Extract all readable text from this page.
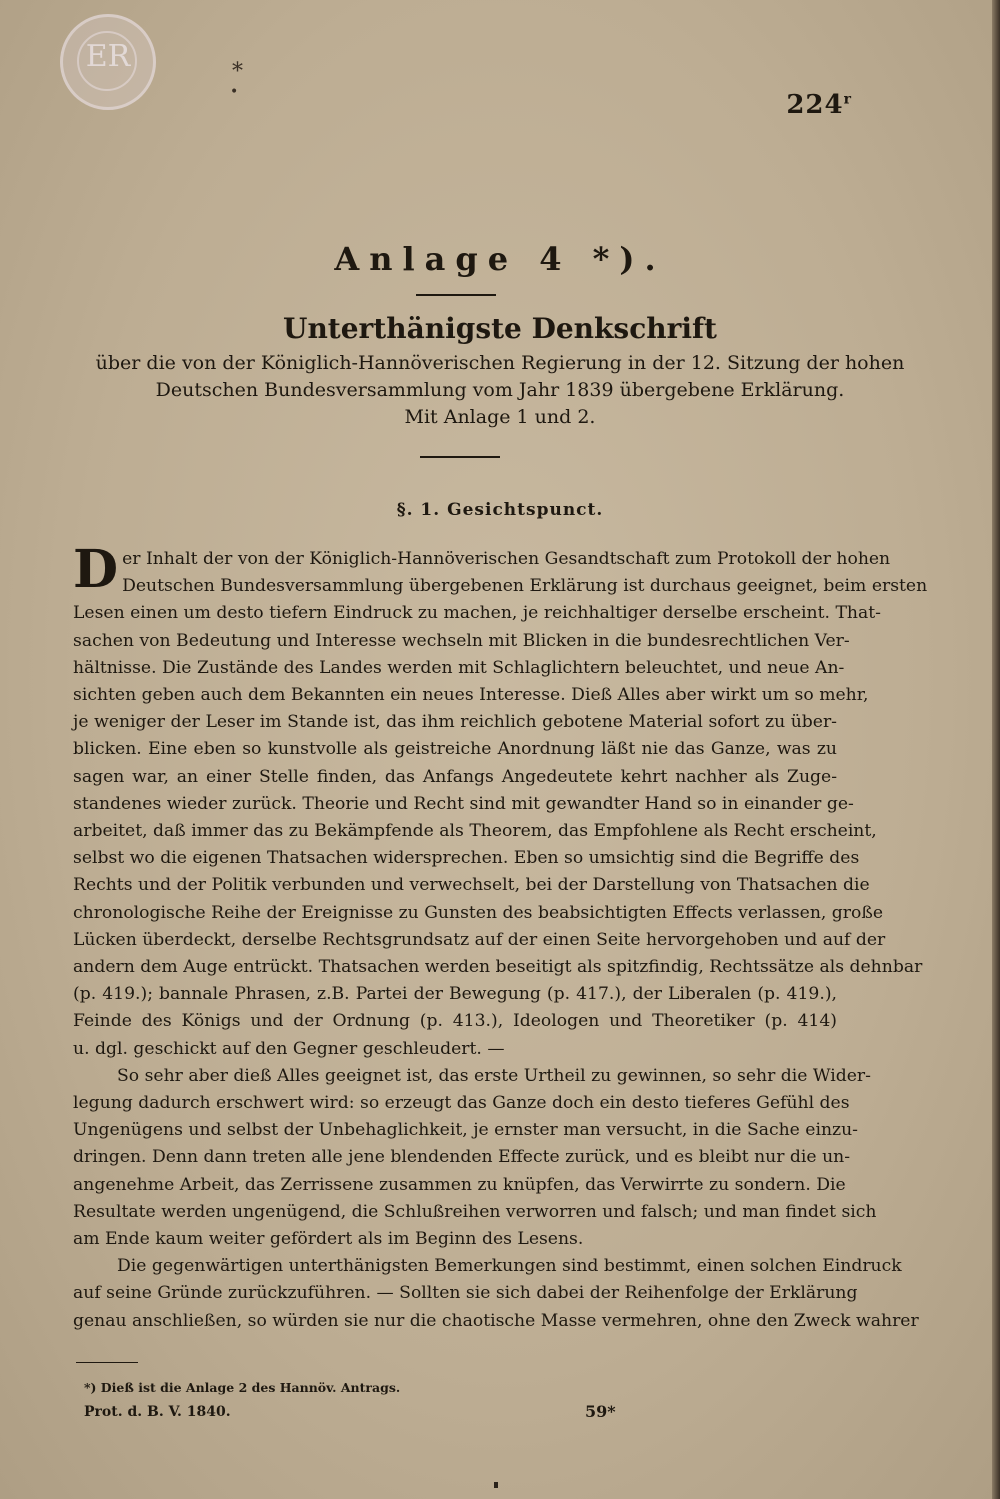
ER	⁎
•	224$^r$
Anlage 4 *).
Unterthänigste Denkschrift
über die von der Königlich-Hannöverischen Regierung in der 12. Sitzung der hohen
Deutschen Bundesversammlung vom Jahr 1839 übergebene Erklärung.
Mit Anlage 1 und 2.
§. 1. Gesichtspunct.
D er Inhalt der von der Königlich-Hannöverischen Gesandtschaft zum Protokoll der hohen
Deutschen Bundesversammlung übergebenen Erklärung ist durchaus geeignet, beim ersten
Lesen einen um desto tiefern Eindruck zu machen, je reichhaltiger derselbe erscheint. That-
sachen von Bedeutung und Interesse wechseln mit Blicken in die bundesrechtlichen Ver-
hältnisse. Die Zustände des Landes werden mit Schlaglichtern beleuchtet, und neue An-
sichten geben auch dem Bekannten ein neues Interesse. Dieß Alles aber wirkt um so mehr,
je weniger der Leser im Stande ist, das ihm reichlich gebotene Material sofort zu über-
blicken. Eine eben so kunstvolle als geistreiche Anordnung läßt nie das Ganze, was zu
sagen war, an einer Stelle finden, das Anfangs Angedeutete kehrt nachher als Zuge-
standenes wieder zurück. Theorie und Recht sind mit gewandter Hand so in einander ge-
arbeitet, daß immer das zu Bekämpfende als Theorem, das Empfohlene als Recht erscheint,
selbst wo die eigenen Thatsachen widersprechen. Eben so umsichtig sind die Begriffe des
Rechts und der Politik verbunden und verwechselt, bei der Darstellung von Thatsachen die
chronologische Reihe der Ereignisse zu Gunsten des beabsichtigten Effects verlassen, große
Lücken überdeckt, derselbe Rechtsgrundsatz auf der einen Seite hervorgehoben und auf der
andern dem Auge entrückt. Thatsachen werden beseitigt als spitzfindig, Rechtssätze als dehnbar
(p. 419.); bannale Phrasen, z.B. Partei der Bewegung (p. 417.), der Liberalen (p. 419.),
Feinde des Königs und der Ordnung (p. 413.), Ideologen und Theoretiker (p. 414)
u. dgl. geschickt auf den Gegner geschleudert. —
So sehr aber dieß Alles geeignet ist, das erste Urtheil zu gewinnen, so sehr die Wider-
legung dadurch erschwert wird: so erzeugt das Ganze doch ein desto tieferes Gefühl des
Ungenügens und selbst der Unbehaglichkeit, je ernster man versucht, in die Sache einzu-
dringen. Denn dann treten alle jene blendenden Effecte zurück, und es bleibt nur die un-
angenehme Arbeit, das Zerrissene zusammen zu knüpfen, das Verwirrte zu sondern. Die
Resultate werden ungenügend, die Schlußreihen verworren und falsch; und man findet sich
am Ende kaum weiter gefördert als im Beginn des Lesens.
Die gegenwärtigen unterthänigsten Bemerkungen sind bestimmt, einen solchen Eindruck
auf seine Gründe zurückzuführen. — Sollten sie sich dabei der Reihenfolge der Erklärung
genau anschließen, so würden sie nur die chaotische Masse vermehren, ohne den Zweck wahrer
*) Dieß ist die Anlage 2 des Hannöv. Antrags.
Prot. d. B. V. 1840.	59*
